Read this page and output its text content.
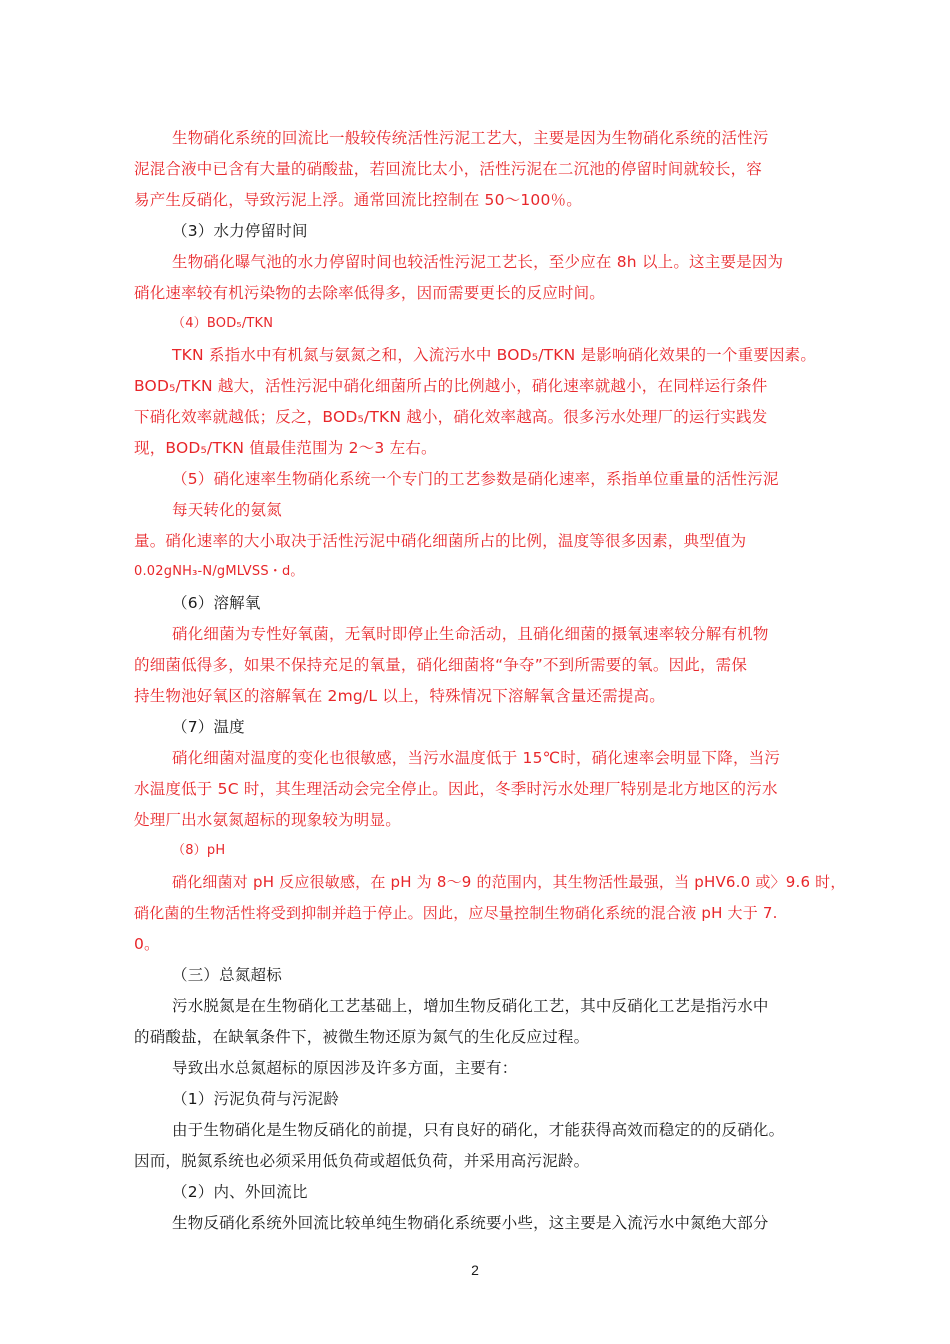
生物硝化系统的回流比一般较传统活性污泥工艺大，主要是因为生物硝化系统的活性污
泥混合液中已含有大量的硝酸盐，若回流比太小，活性污泥在二沉池的停留时间就较长，容
易产生反硝化，导致污泥上浮。通常回流比控制在 50～100％。
（3）水力停留时间
生物硝化曝气池的水力停留时间也较活性污泥工艺长，至少应在 8h 以上。这主要是因为
硝化速率较有机污染物的去除率低得多，因而需要更长的反应时间。
（4）BOD₅/TKN
TKN 系指水中有机氮与氨氮之和，入流污水中 BOD₅/TKN 是影响硝化效果的一个重要因素。
BOD₅/TKN 越大，活性污泥中硝化细菌所占的比例越小，硝化速率就越小，在同样运行条件
下硝化效率就越低；反之，BOD₅/TKN 越小，硝化效率越高。很多污水处理厂的运行实践发
现，BOD₅/TKN 值最佳范围为 2～3 左右。
（5）硝化速率生物硝化系统一个专门的工艺参数是硝化速率，系指单位重量的活性污泥
每天转化的氨氮
量。硝化速率的大小取决于活性污泥中硝化细菌所占的比例，温度等很多因素，典型值为
0.02gNH₃-N/gMLVSS・d。
（6）溶解氧
硝化细菌为专性好氧菌，无氧时即停止生命活动，且硝化细菌的摄氧速率较分解有机物
的细菌低得多，如果不保持充足的氧量，硝化细菌将“争夺”不到所需要的氧。因此，需保
持生物池好氧区的溶解氧在 2mg/L 以上，特殊情况下溶解氧含量还需提高。
（7）温度
硝化细菌对温度的变化也很敏感，当污水温度低于 15℃时，硝化速率会明显下降，当污
水温度低于 5C 时，其生理活动会完全停止。因此，冬季时污水处理厂特别是北方地区的污水
处理厂出水氨氮超标的现象较为明显。
（8）pH
硝化细菌对 pH 反应很敏感，在 pH 为 8～9 的范围内，其生物活性最强，当 pHV6.0 或〉9.6 时，
硝化菌的生物活性将受到抑制并趋于停止。因此，应尽量控制生物硝化系统的混合液 pH 大于 7.
0。
（三）总氮超标
污水脱氮是在生物硝化工艺基础上，增加生物反硝化工艺，其中反硝化工艺是指污水中
的硝酸盐，在缺氧条件下，被微生物还原为氮气的生化反应过程。
导致出水总氮超标的原因涉及许多方面，主要有：
（1）污泥负荷与污泥龄
由于生物硝化是生物反硝化的前提，只有良好的硝化，才能获得高效而稳定的的反硝化。
因而，脱氮系统也必须采用低负荷或超低负荷，并采用高污泥龄。
（2）内、外回流比
生物反硝化系统外回流比较单纯生物硝化系统要小些，这主要是入流污水中氮绝大部分
2
